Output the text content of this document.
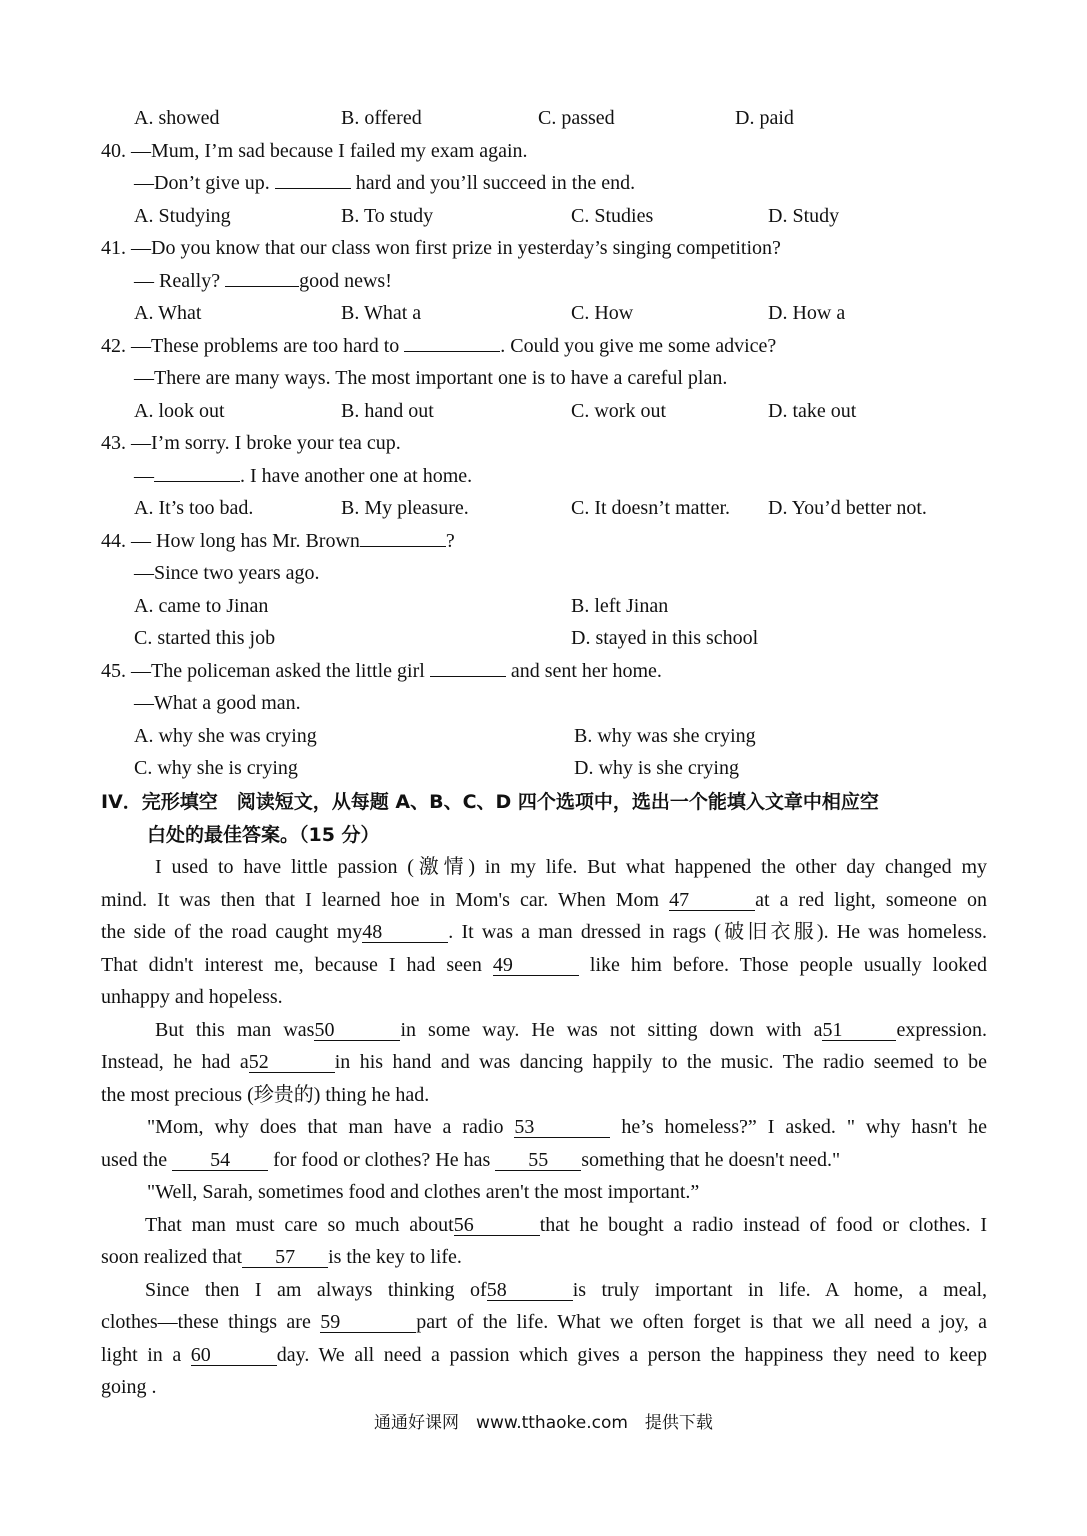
A. showed	B. offered	C. passed	D. paid
40. —Mum, I’m sad because I failed my exam again.
—Don’t give up.	hard and you’ll succeed in the end.
A. Studying	B. To study	C. Studies	D. Study
41. —Do you know that our class won first prize in yesterday’s singing competition?
— Really?	good news!
A. What	B. What a	C. How	D. How a
42. —These problems are too hard to	. Could you give me some advice?
—There are many ways. The most important one is to have a careful plan.
A. look out	B. hand out	C. work out	D. take out
43. —I’m sorry. I broke your tea cup.
—	. I have another one at home.
A. It’s too bad.	B. My pleasure.	C. It doesn’t matter. D. You’d better not.
44. — How long has Mr. Brown	?
—Since two years ago.
A. came to Jinan	B. left Jinan
C. started this job	D. stayed in this school
45. —The policeman asked the little girl	and sent her home.
—What a good man.
A. why she was crying	B. why was she crying
C. why she is crying	D. why is she crying
IV．完形填空　阅读短文，从每题 A、B、C、D 四个选项中，选出一个能填入文章中相应空
白处的最佳答案。（15 分）
I used to have little passion (激情) in my life. But what happened the other day changed my
mind. It was then that I learned hoe in Mom's car. When Mom 47	at a red light, someone on
the side of the road caught my48	. It was a man dressed in rags (破旧衣服). He was homeless.
That didn't interest me, because I had seen 49	like him before. Those people usually looked
unhappy and hopeless.
But this man was50	in some way. He was not sitting down with a51	expression.
Instead, he had a52	in his hand and was dancing happily to the music. The radio seemed to be
the most precious (珍贵的) thing he had.
"Mom, why does that man have a radio 53	he’s homeless?” I asked. " why hasn't he
used the 54 for food or clothes? He has 55 something that he doesn't need."
"Well, Sarah, sometimes food and clothes aren't the most important.”
That man must care so much about56	that he bought a radio instead of food or clothes. I
soon realized that 57 is the key to life.
Since then I am always thinking of58	is truly important in life. A home, a meal,
clothes—these things are 59	part of the life. What we often forget is that we all need a joy, a
light in a 60	day. We all need a passion which gives a person the happiness they need to keep
going .
通通好课网　www.tthaoke.com　提供下载
